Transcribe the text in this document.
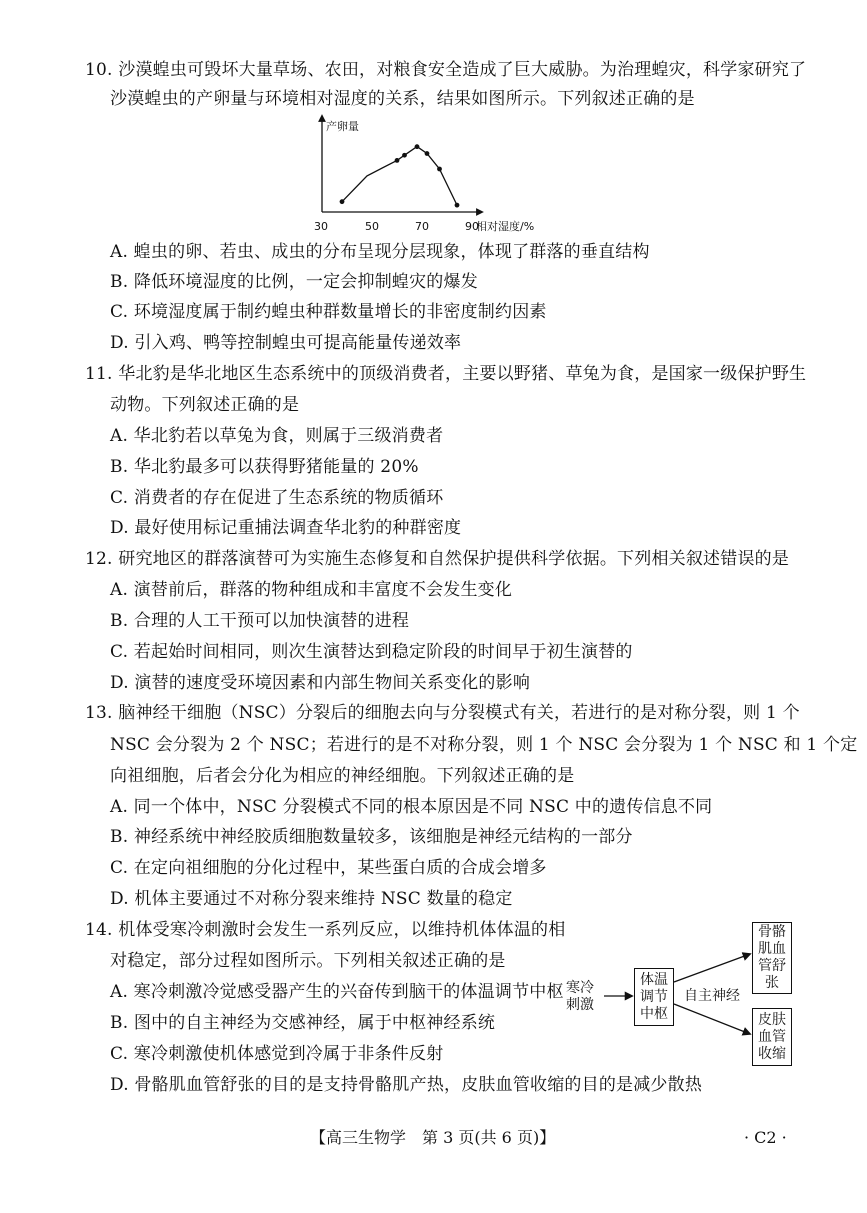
10. 沙漠蝗虫可毁坏大量草场、农田，对粮食安全造成了巨大威胁。为治理蝗灾，科学家研究了
沙漠蝗虫的产卵量与环境相对湿度的关系，结果如图所示。下列叙述正确的是
产卵量
相对湿度/%
30	50	70	90
A. 蝗虫的卵、若虫、成虫的分布呈现分层现象，体现了群落的垂直结构
B. 降低环境湿度的比例，一定会抑制蝗灾的爆发
C. 环境湿度属于制约蝗虫种群数量增长的非密度制约因素
D. 引入鸡、鸭等控制蝗虫可提高能量传递效率
11. 华北豹是华北地区生态系统中的顶级消费者，主要以野猪、草兔为食，是国家一级保护野生
动物。下列叙述正确的是
A. 华北豹若以草兔为食，则属于三级消费者
B. 华北豹最多可以获得野猪能量的 20%
C. 消费者的存在促进了生态系统的物质循环
D. 最好使用标记重捕法调查华北豹的种群密度
12. 研究地区的群落演替可为实施生态修复和自然保护提供科学依据。下列相关叙述错误的是
A. 演替前后，群落的物种组成和丰富度不会发生变化
B. 合理的人工干预可以加快演替的进程
C. 若起始时间相同，则次生演替达到稳定阶段的时间早于初生演替的
D. 演替的速度受环境因素和内部生物间关系变化的影响
13. 脑神经干细胞（NSC）分裂后的细胞去向与分裂模式有关，若进行的是对称分裂，则 1 个
NSC 会分裂为 2 个 NSC；若进行的是不对称分裂，则 1 个 NSC 会分裂为 1 个 NSC 和 1 个定
向祖细胞，后者会分化为相应的神经细胞。下列叙述正确的是
A. 同一个体中，NSC 分裂模式不同的根本原因是不同 NSC 中的遗传信息不同
B. 神经系统中神经胶质细胞数量较多，该细胞是神经元结构的一部分
C. 在定向祖细胞的分化过程中，某些蛋白质的合成会增多
D. 机体主要通过不对称分裂来维持 NSC 数量的稳定
14. 机体受寒冷刺激时会发生一系列反应，以维持机体体温的相
对稳定，部分过程如图所示。下列相关叙述正确的是
A. 寒冷刺激冷觉感受器产生的兴奋传到脑干的体温调节中枢
B. 图中的自主神经为交感神经，属于中枢神经系统
C. 寒冷刺激使机体感觉到冷属于非条件反射
D. 骨骼肌血管舒张的目的是支持骨骼肌产热，皮肤血管收缩的目的是减少散热
寒冷
刺激
体温
调节
中枢
自主神经
骨骼
肌血
管舒
张
皮肤
血管
收缩
【高三生物学　第 3 页(共 6 页)】	· C2 ·
